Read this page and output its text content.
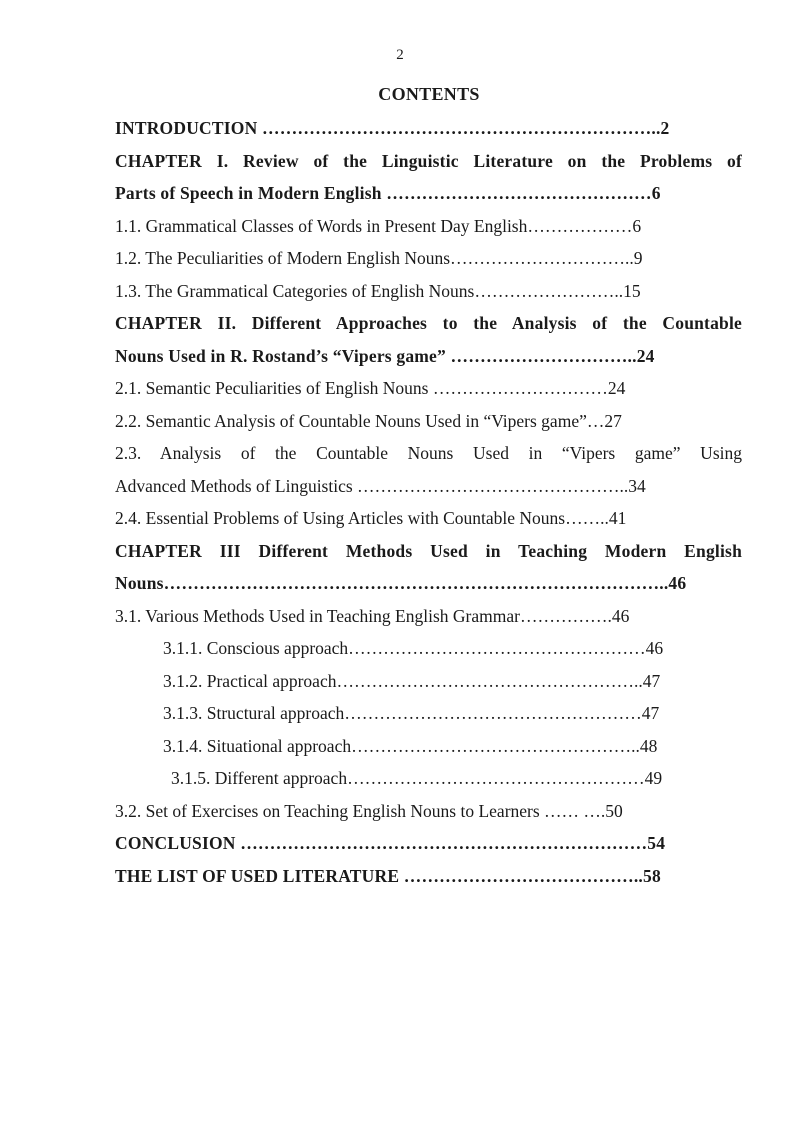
2
CONTENTS
INTRODUCTION …………………………………………………………..2
CHAPTER I. Review of the Linguistic Literature on the Problems of
Parts of Speech in Modern English ………………………………………6
1.1. Grammatical Classes of Words in Present Day English………………6
1.2. The Peculiarities of Modern English Nouns…………………………..9
1.3. The Grammatical Categories of English Nouns……………………..15
CHAPTER II. Different Approaches to the Analysis of the Countable
Nouns Used in R. Rostand’s “Vipers game” …………………………..24
2.1. Semantic Peculiarities of English Nouns …………………………24
2.2. Semantic Analysis of Countable Nouns Used in “Vipers game”…27
2.3. Analysis of the Countable Nouns Used in “Vipers game” Using
Advanced Methods of Linguistics ………………………………………..34
2.4. Essential Problems of Using Articles with Countable Nouns……..41
CHAPTER III Different Methods Used in Teaching Modern English
Nouns…………………………………………………………………………..46
3.1. Various Methods Used in Teaching English Grammar…………….46
3.1.1. Conscious approach……………………………………………46
3.1.2. Practical approach……………………………………………..47
3.1.3. Structural approach……………………………………………47
3.1.4. Situational approach…………………………………………..48
3.1.5. Different approach……………………………………………49
3.2. Set of Exercises on Teaching English Nouns to Learners …… ….50
CONCLUSION ……………………………………………………………54
THE LIST OF USED LITERATURE …………………………………..58
